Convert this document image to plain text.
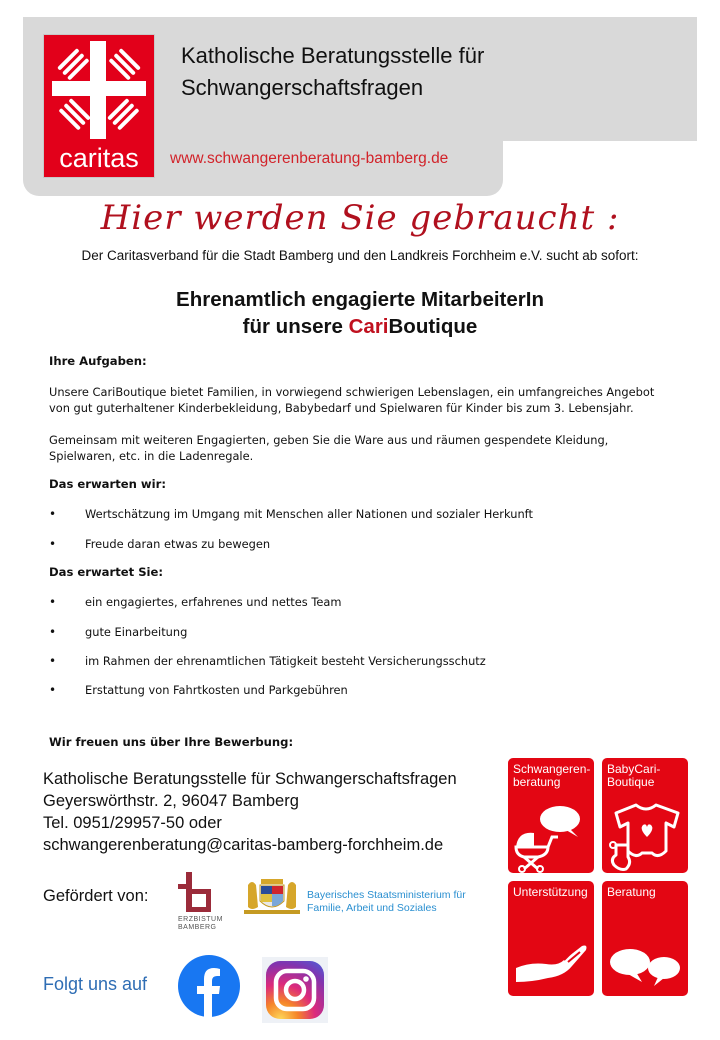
caritas
Katholische Beratungsstelle für
Schwangerschaftsfragen
www.schwangerenberatung-bamberg.de
Hier werden Sie gebraucht :
Der Caritasverband für die Stadt Bamberg und den Landkreis Forchheim e.V. sucht ab sofort:
Ehrenamtlich engagierte MitarbeiterIn
für unsere CariBoutique
Ihre Aufgaben:
Unsere CariBoutique bietet Familien, in vorwiegend schwierigen Lebenslagen, ein umfangreiches Angebot von gut guterhaltener Kinderbekleidung, Babybedarf und Spielwaren für Kinder bis zum 3. Lebensjahr.
Gemeinsam mit weiteren Engagierten, geben Sie die Ware aus und räumen gespendete Kleidung, Spielwaren, etc. in die Ladenregale.
Das erwarten wir:
•	Wertschätzung im Umgang mit Menschen aller Nationen und sozialer Herkunft
•	Freude daran etwas zu bewegen
Das erwartet Sie:
•	ein engagiertes, erfahrenes und nettes Team
•	gute Einarbeitung
•	im Rahmen der ehrenamtlichen Tätigkeit besteht Versicherungsschutz
•	Erstattung von Fahrtkosten und Parkgebühren
Wir freuen uns über Ihre Bewerbung:
Katholische Beratungsstelle für Schwangerschaftsfragen
Geyerswörthstr. 2, 96047 Bamberg
Tel. 0951/29957-50 oder
schwangerenberatung@caritas-bamberg-forchheim.de
Gefördert von:
ERZBISTUM
BAMBERG
Bayerisches Staatsministerium für
Familie, Arbeit und Soziales
Folgt uns auf
Schwangeren-
beratung
BabyCari-
Boutique
Unterstützung Beratung
